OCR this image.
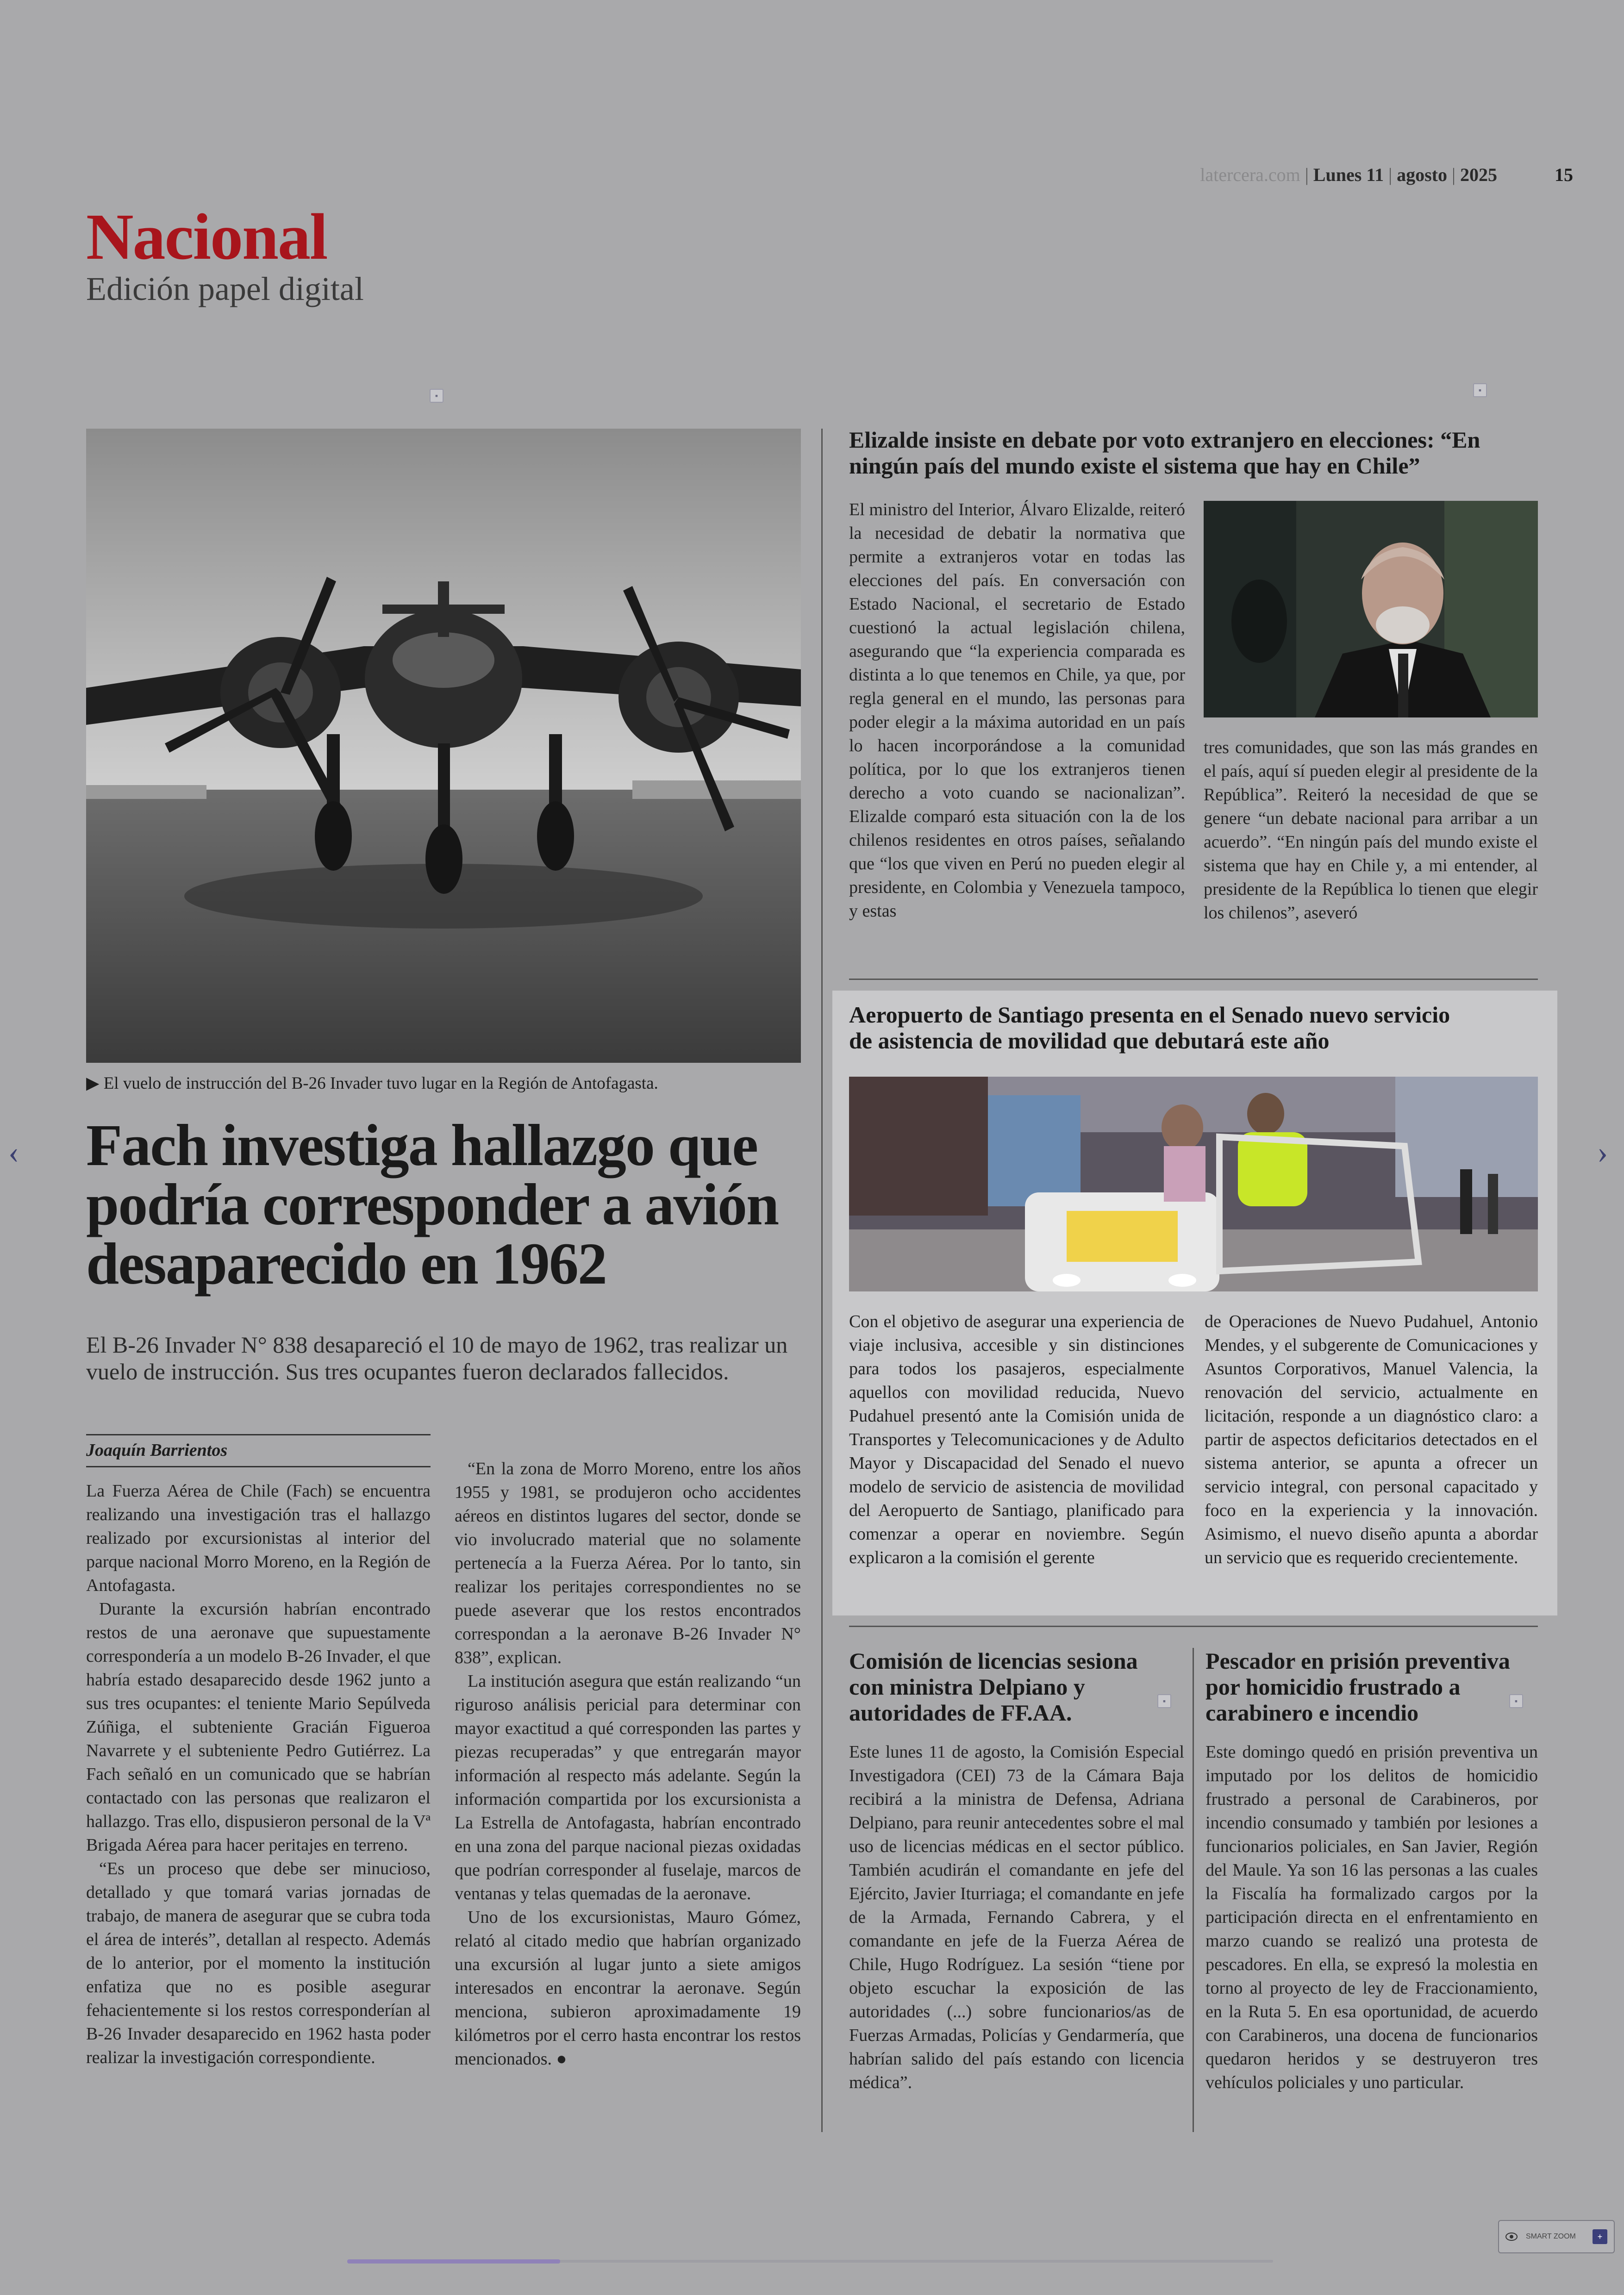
latercera.com | Lunes 11 | agosto | 2025	15
Nacional
Edición papel digital
▪
▪
▪	▪
▶ El vuelo de instrucción del B-26 Invader tuvo lugar en la Región de Antofagasta.
Fach investiga hallazgo que podría corresponder a avión desaparecido en 1962
El B-26 Invader N° 838 desapareció el 10 de mayo de 1962, tras realizar un vuelo de instrucción. Sus tres ocupantes fueron declarados fallecidos.
Joaquín Barrientos

La Fuerza Aérea de Chile (Fach) se encuentra realizando una investigación tras el hallazgo realizado por excursionistas al interior del parque nacional Morro Moreno, en la Región de Antofagasta.

Durante la excursión habrían encontrado restos de una aeronave que supuestamente correspondería a un modelo B-26 Invader, el que habría estado desaparecido desde 1962 junto a sus tres ocupantes: el teniente Mario Sepúlveda Zúñiga, el subteniente Gracián Figueroa Navarrete y el subteniente Pedro Gutiérrez. La Fach señaló en un comunicado que se habrían contactado con las personas que realizaron el hallazgo. Tras ello, dispusieron personal de la Vª Brigada Aérea para hacer peritajes en terreno.

“Es un proceso que debe ser minucioso, detallado y que tomará varias jornadas de trabajo, de manera de asegurar que se cubra toda el área de interés”, detallan al respecto. Además de lo anterior, por el momento la institución enfatiza que no es posible asegurar fehacientemente si los restos corresponderían al B-26 Invader desaparecido en 1962 hasta poder realizar la investigación correspondiente.

“En la zona de Morro Moreno, entre los años 1955 y 1981, se produjeron ocho accidentes aéreos en distintos lugares del sector, donde se vio involucrado material que no solamente pertenecía a la Fuerza Aérea. Por lo tanto, sin realizar los peritajes correspondientes no se puede aseverar que los restos encontrados correspondan a la aeronave B-26 Invader N° 838”, explican.

La institución asegura que están realizando “un riguroso análisis pericial para determinar con mayor exactitud a qué corresponden las partes y piezas recuperadas” y que entregarán mayor información al respecto más adelante. Según la información compartida por los excursionista a La Estrella de Antofagasta, habrían encontrado en una zona del parque nacional piezas oxidadas que podrían corresponder al fuselaje, marcos de ventanas y telas quemadas de la aeronave.

Uno de los excursionistas, Mauro Gómez, relató al citado medio que habrían organizado una excursión al lugar junto a siete amigos interesados en encontrar la aeronave. Según menciona, subieron aproximadamente 19 kilómetros por el cerro hasta encontrar los restos mencionados. ●

Elizalde insiste en debate por voto extranjero en elecciones: “En ningún país del mundo existe el sistema que hay en Chile”

El ministro del Interior, Álvaro Elizalde, reiteró la necesidad de debatir la normativa que permite a extranjeros votar en todas las elecciones del país. En conversación con Estado Nacional, el secretario de Estado cuestionó la actual legislación chilena, asegurando que “la experiencia comparada es distinta a lo que tenemos en Chile, ya que, por regla general en el mundo, las personas para poder elegir a la máxima autoridad en un país lo hacen incorporándose a la comunidad política, por lo que los extranjeros tienen derecho a voto cuando se nacionalizan”. Elizalde comparó esta situación con la de los chilenos residentes en otros países, señalando que “los que viven en Perú no pueden elegir al presidente, en Colombia y Venezuela tampoco, y estas

tres comunidades, que son las más grandes en el país, aquí sí pueden elegir al presidente de la República”. Reiteró la necesidad de que se genere “un debate nacional para arribar a un acuerdo”. “En ningún país del mundo existe el sistema que hay en Chile y, a mi entender, al presidente de la República lo tienen que elegir los chilenos”, aseveró

Aeropuerto de Santiago presenta en el Senado nuevo servicio de asistencia de movilidad que debutará este año

Con el objetivo de asegurar una experiencia de viaje inclusiva, accesible y sin distinciones para todos los pasajeros, especialmente aquellos con movilidad reducida, Nuevo Pudahuel presentó ante la Comisión unida de Transportes y Telecomunicaciones y de Adulto Mayor y Discapacidad del Senado el nuevo modelo de servicio de asistencia de movilidad del Aeropuerto de Santiago, planificado para comenzar a operar en noviembre. Según explicaron a la comisión el gerente

de Operaciones de Nuevo Pudahuel, Antonio Mendes, y el subgerente de Comunicaciones y Asuntos Corporativos, Manuel Valencia, la renovación del servicio, actualmente en licitación, responde a un diagnóstico claro: a partir de aspectos deficitarios detectados en el sistema anterior, se apunta a ofrecer un servicio integral, con personal capacitado y foco en la experiencia y la innovación. Asimismo, el nuevo diseño apunta a abordar un servicio que es requerido crecientemente.

Comisión de licencias sesiona con ministra Delpiano y autoridades de FF.AA.

Este lunes 11 de agosto, la Comisión Especial Investigadora (CEI) 73 de la Cámara Baja recibirá a la ministra de Defensa, Adriana Delpiano, para reunir antecedentes sobre el mal uso de licencias médicas en el sector público. También acudirán el comandante en jefe del Ejército, Javier Iturriaga; el comandante en jefe de la Armada, Fernando Cabrera, y el comandante en jefe de la Fuerza Aérea de Chile, Hugo Rodríguez. La sesión “tiene por objeto escuchar la exposición de las autoridades (...) sobre funcionarios/as de Fuerzas Armadas, Policías y Gendarmería, que habrían salido del país estando con licencia médica”.

Pescador en prisión preventiva por homicidio frustrado a carabinero e incendio

Este domingo quedó en prisión preventiva un imputado por los delitos de homicidio frustrado a personal de Carabineros, por incendio consumado y también por lesiones a funcionarios policiales, en San Javier, Región del Maule. Ya son 16 las personas a las cuales la Fiscalía ha formalizado cargos por la participación directa en el enfrentamiento en marzo cuando se realizó una protesta de pescadores. En ella, se expresó la molestia en torno al proyecto de ley de Fraccionamiento, en la Ruta 5. En esa oportunidad, de acuerdo con Carabineros, una docena de funcionarios quedaron heridos y se destruyeron tres vehículos policiales y uno particular.

‹	›
SMART ZOOM	+
